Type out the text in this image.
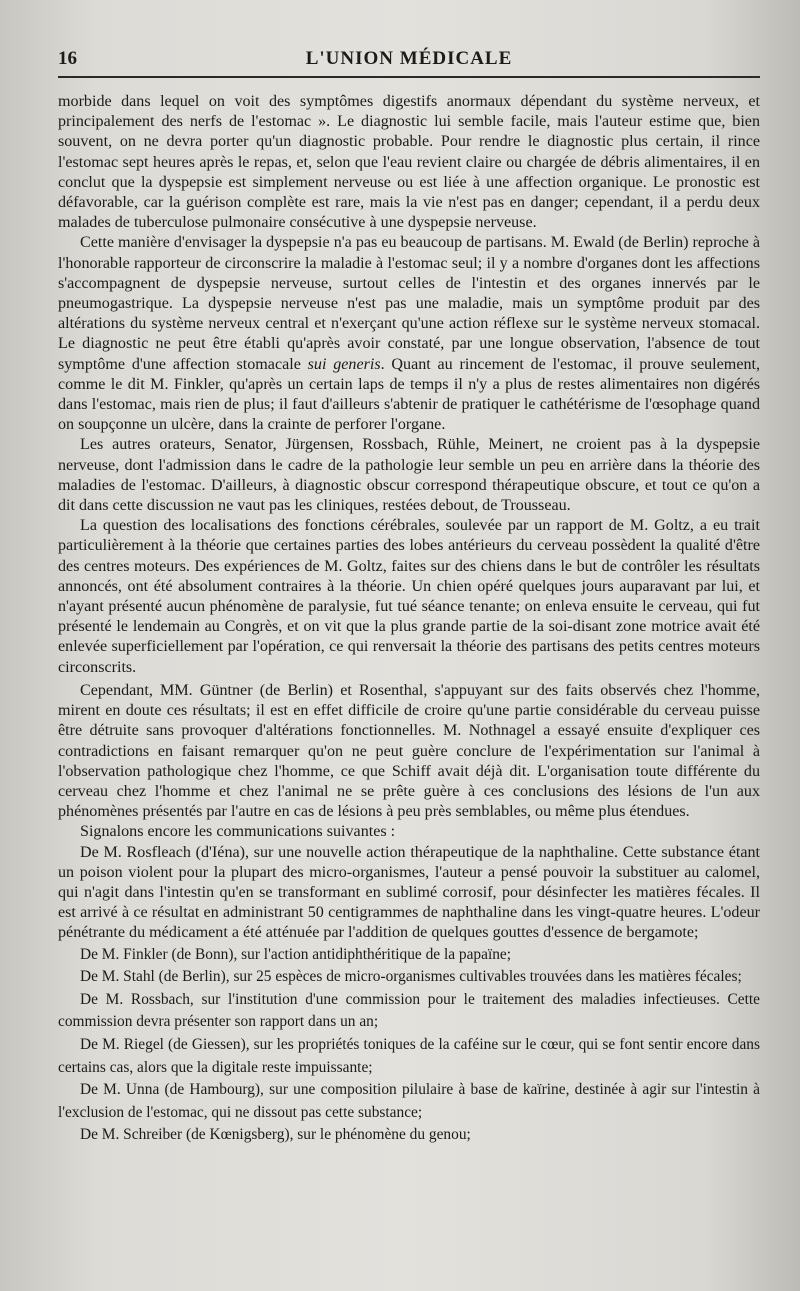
16	L'UNION MÉDICALE

morbide dans lequel on voit des symptômes digestifs anormaux dépendant du système nerveux, et principalement des nerfs de l'estomac ». Le diagnostic lui semble facile, mais l'auteur estime que, bien souvent, on ne devra porter qu'un diagnostic probable. Pour rendre le diagnostic plus certain, il rince l'estomac sept heures après le repas, et, selon que l'eau revient claire ou chargée de débris alimentaires, il en conclut que la dyspepsie est simplement nerveuse ou est liée à une affection organique. Le pronostic est défavorable, car la guérison complète est rare, mais la vie n'est pas en danger; cependant, il a perdu deux malades de tuberculose pulmonaire consécutive à une dyspepsie nerveuse.

Cette manière d'envisager la dyspepsie n'a pas eu beaucoup de partisans. M. Ewald (de Berlin) reproche à l'honorable rapporteur de circonscrire la maladie à l'estomac seul; il y a nombre d'organes dont les affections s'accompagnent de dyspepsie nerveuse, surtout celles de l'intestin et des organes innervés par le pneumogastrique. La dyspepsie nerveuse n'est pas une maladie, mais un symptôme produit par des altérations du système nerveux central et n'exerçant qu'une action réflexe sur le système nerveux stomacal. Le diagnostic ne peut être établi qu'après avoir constaté, par une longue observation, l'absence de tout symptôme d'une affection stomacale sui generis. Quant au rincement de l'estomac, il prouve seulement, comme le dit M. Finkler, qu'après un certain laps de temps il n'y a plus de restes alimentaires non digérés dans l'estomac, mais rien de plus; il faut d'ailleurs s'abtenir de pratiquer le cathétérisme de l'œsophage quand on soupçonne un ulcère, dans la crainte de perforer l'organe.

Les autres orateurs, Senator, Jürgensen, Rossbach, Rühle, Meinert, ne croient pas à la dyspepsie nerveuse, dont l'admission dans le cadre de la pathologie leur semble un peu en arrière dans la théorie des maladies de l'estomac. D'ailleurs, à diagnostic obscur correspond thérapeutique obscure, et tout ce qu'on a dit dans cette discussion ne vaut pas les cliniques, restées debout, de Trousseau.

La question des localisations des fonctions cérébrales, soulevée par un rapport de M. Goltz, a eu trait particulièrement à la théorie que certaines parties des lobes antérieurs du cerveau possèdent la qualité d'être des centres moteurs. Des expériences de M. Goltz, faites sur des chiens dans le but de contrôler les résultats annoncés, ont été absolument contraires à la théorie. Un chien opéré quelques jours auparavant par lui, et n'ayant présenté aucun phénomène de paralysie, fut tué séance tenante; on enleva ensuite le cerveau, qui fut présenté le lendemain au Congrès, et on vit que la plus grande partie de la soi-disant zone motrice avait été enlevée superficiellement par l'opération, ce qui renversait la théorie des partisans des petits centres moteurs circonscrits.

Cependant, MM. Güntner (de Berlin) et Rosenthal, s'appuyant sur des faits observés chez l'homme, mirent en doute ces résultats; il est en effet difficile de croire qu'une partie considérable du cerveau puisse être détruite sans provoquer d'altérations fonctionnelles. M. Nothnagel a essayé ensuite d'expliquer ces contradictions en faisant remarquer qu'on ne peut guère conclure de l'expérimentation sur l'animal à l'observation pathologique chez l'homme, ce que Schiff avait déjà dit. L'organisation toute différente du cerveau chez l'homme et chez l'animal ne se prête guère à ces conclusions des lésions de l'un aux phénomènes présentés par l'autre en cas de lésions à peu près semblables, ou même plus étendues.

Signalons encore les communications suivantes :

De M. Rosfleach (d'Iéna), sur une nouvelle action thérapeutique de la naphthaline. Cette substance étant un poison violent pour la plupart des micro-organismes, l'auteur a pensé pouvoir la substituer au calomel, qui n'agit dans l'intestin qu'en se transformant en sublimé corrosif, pour désinfecter les matières fécales. Il est arrivé à ce résultat en administrant 50 centigrammes de naphthaline dans les vingt-quatre heures. L'odeur pénétrante du médicament a été atténuée par l'addition de quelques gouttes d'essence de bergamote;

De M. Finkler (de Bonn), sur l'action antidiphthéritique de la papaïne;

De M. Stahl (de Berlin), sur 25 espèces de micro-organismes cultivables trouvées dans les matières fécales;

De M. Rossbach, sur l'institution d'une commission pour le traitement des maladies infectieuses. Cette commission devra présenter son rapport dans un an;

De M. Riegel (de Giessen), sur les propriétés toniques de la caféine sur le cœur, qui se font sentir encore dans certains cas, alors que la digitale reste impuissante;

De M. Unna (de Hambourg), sur une composition pilulaire à base de kaïrine, destinée à agir sur l'intestin à l'exclusion de l'estomac, qui ne dissout pas cette substance;

De M. Schreiber (de Kœnigsberg), sur le phénomène du genou;
